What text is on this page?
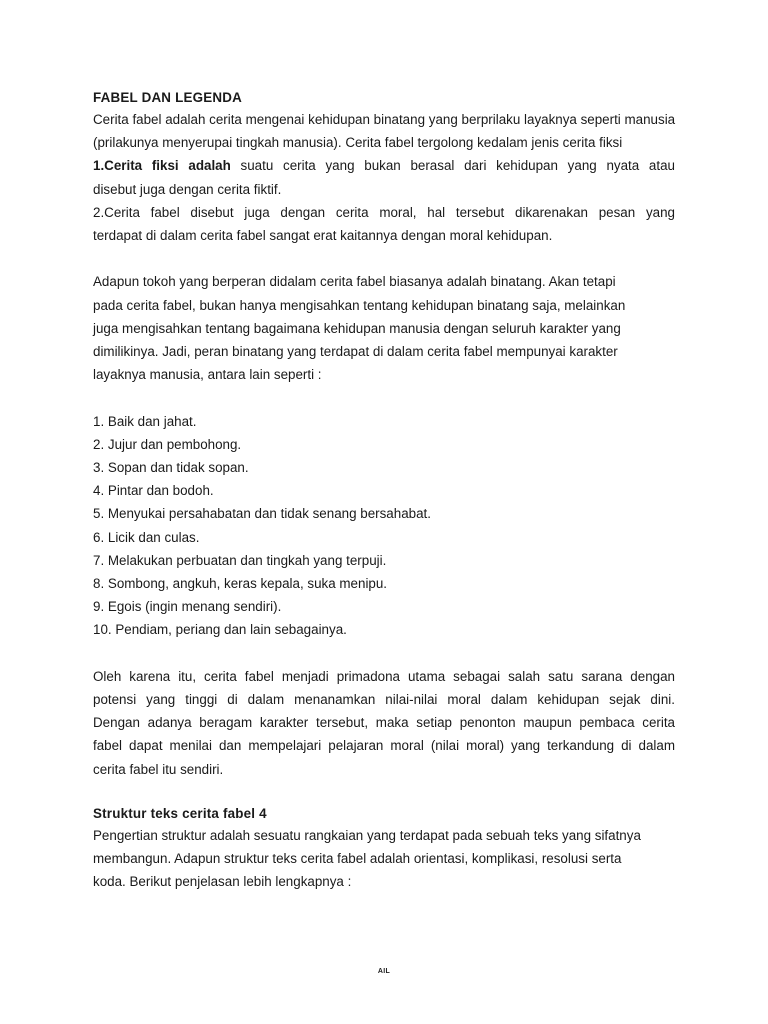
FABEL DAN LEGENDA
Cerita fabel adalah cerita mengenai kehidupan binatang yang berprilaku layaknya seperti manusia
(prilakunya menyerupai tingkah manusia). Cerita fabel tergolong kedalam jenis cerita fiksi
1.Cerita fiksi adalah suatu cerita yang bukan berasal dari kehidupan yang nyata atau
disebut juga dengan cerita fiktif.
2.Cerita fabel disebut juga dengan cerita moral, hal tersebut dikarenakan pesan yang
terdapat di dalam cerita fabel sangat erat kaitannya dengan moral kehidupan.
Adapun tokoh yang berperan didalam cerita fabel biasanya adalah binatang. Akan tetapi
pada cerita fabel, bukan hanya mengisahkan tentang kehidupan binatang saja, melainkan
juga mengisahkan tentang bagaimana kehidupan manusia dengan seluruh karakter yang
dimilikinya. Jadi, peran binatang yang terdapat di dalam cerita fabel mempunyai karakter
layaknya manusia, antara lain seperti :
1. Baik dan jahat.
2. Jujur dan pembohong.
3. Sopan dan tidak sopan.
4. Pintar dan bodoh.
5. Menyukai persahabatan dan tidak senang bersahabat.
6. Licik dan culas.
7. Melakukan perbuatan dan tingkah yang terpuji.
8. Sombong, angkuh, keras kepala, suka menipu.
9. Egois (ingin menang sendiri).
10. Pendiam, periang dan lain sebagainya.
Oleh karena itu, cerita fabel menjadi primadona utama sebagai salah satu sarana dengan
potensi yang tinggi di dalam menanamkan nilai-nilai moral dalam kehidupan sejak dini.
Dengan adanya beragam karakter tersebut, maka setiap penonton maupun pembaca cerita
fabel dapat menilai dan mempelajari pelajaran moral (nilai moral) yang terkandung di dalam
cerita fabel itu sendiri.
Struktur teks cerita fabel 4
Pengertian struktur adalah sesuatu rangkaian yang terdapat pada sebuah teks yang sifatnya
membangun. Adapun struktur teks cerita fabel adalah orientasi, komplikasi, resolusi serta
koda. Berikut penjelasan lebih lengkapnya :
AIL
